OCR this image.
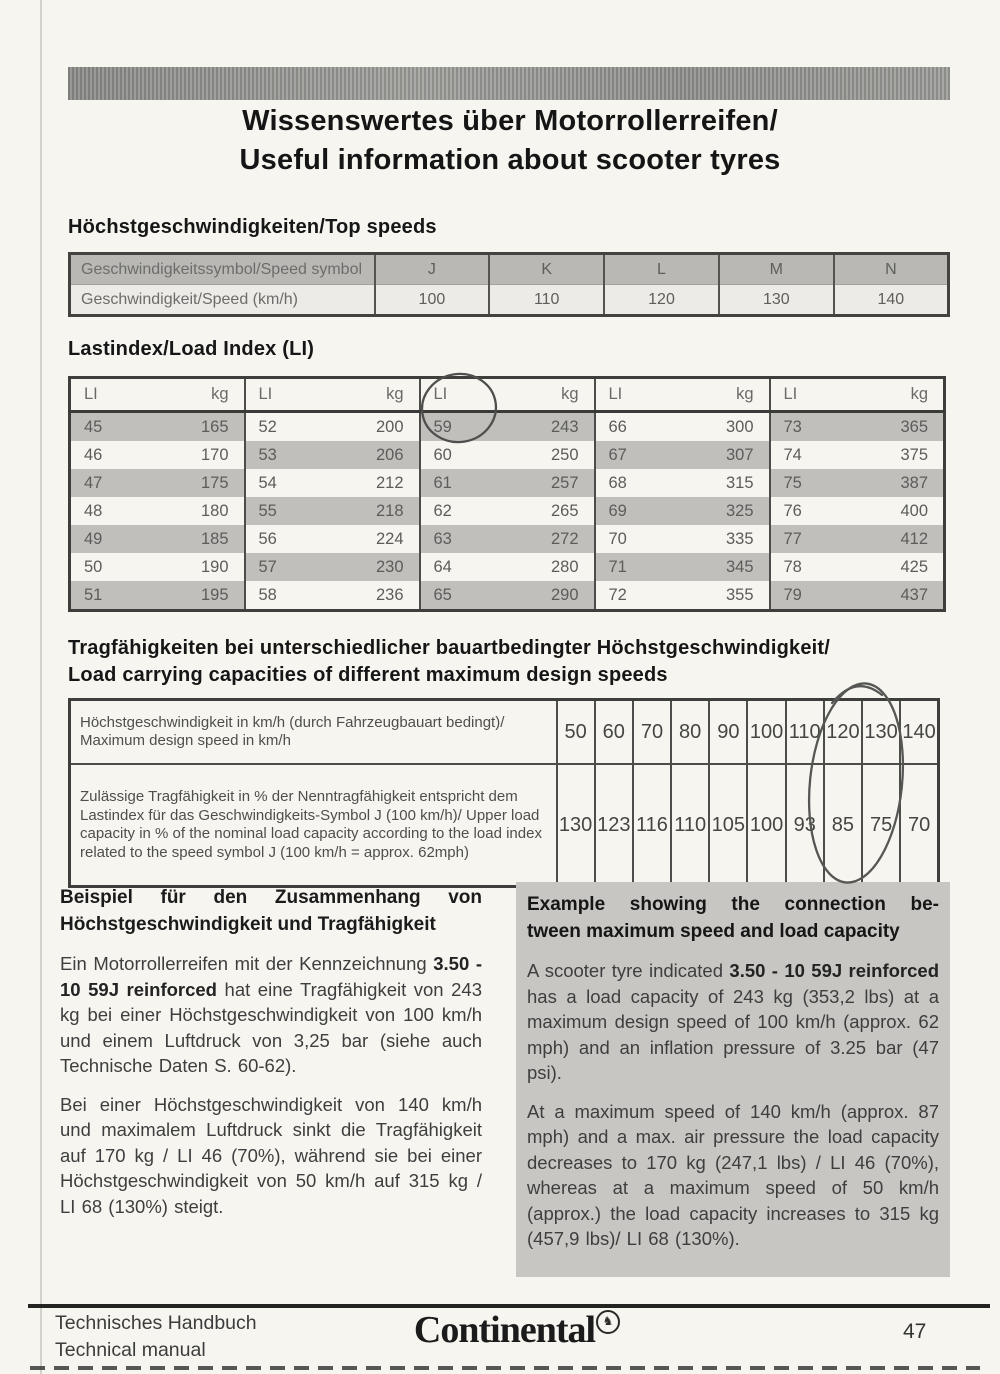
Wissenswertes über Motorrollerreifen/
Useful information about scooter tyres
Höchstgeschwindigkeiten/Top speeds
Geschwindigkeitssymbol/Speed symbol	J	K	L	M	N
Geschwindigkeit/Speed (km/h)	100	110	120	130	140
Lastindex/Load Index (LI)
LI	kg	LI	kg	LI	kg	LI	kg	LI	kg
45	165	52	200	59	243	66	300	73	365
46	170	53	206	60	250	67	307	74	375
47	175	54	212	61	257	68	315	75	387
48	180	55	218	62	265	69	325	76	400
49	185	56	224	63	272	70	335	77	412
50	190	57	230	64	280	71	345	78	425
51	195	58	236	65	290	72	355	79	437
Tragfähigkeiten bei unterschiedlicher bauartbedingter Höchstgeschwindigkeit/
Load carrying capacities of different maximum design speeds
Höchstgeschwindigkeit in km/h (durch Fahrzeugbauart bedingt)/ Maximum design speed in km/h	50	60	70	80	90	100	110	120	130	140
Zulässige Tragfähigkeit in % der Nenntragfähigkeit entspricht dem Lastindex für das Geschwindigkeits-Symbol J (100 km/h)/ Upper load capacity in % of the nominal load capacity according to the load index related to the speed symbol J (100 km/h = approx. 62mph)	130	123	116	110	105	100	93	85	75	70
Beispiel für den Zusammenhang von
Höchstgeschwindigkeit und Tragfähigkeit

Ein Motorrollerreifen mit der Kennzeichnung 3.50 - 10 59J reinforced hat eine Tragfähigkeit von 243 kg bei einer Höchstgeschwindigkeit von 100 km/h und einem Luftdruck von 3,25 bar (siehe auch Technische Daten S. 60-62).

Bei einer Höchstgeschwindigkeit von 140 km/h und maximalem Luftdruck sinkt die Tragfähigkeit auf 170 kg / LI 46 (70%), während sie bei einer Höchstgeschwindigkeit von 50 km/h auf 315 kg / LI 68 (130%) steigt.

Example showing the connection be-
tween maximum speed and load capacity

A scooter tyre indicated 3.50 - 10 59J reinforced has a load capacity of 243 kg (353,2 lbs) at a maximum design speed of 100 km/h (approx. 62 mph) and an inflation pressure of 3.25 bar (47 psi).

At a maximum speed of 140 km/h (approx. 87 mph) and a max. air pressure the load capacity decreases to 170 kg (247,1 lbs) / LI 46 (70%), whereas at a maximum speed of 50 km/h (approx.) the load capacity increases to 315 kg (457,9 lbs)/ LI 68 (130%).

Technisches Handbuch
Technical manual	Continental ♞	47
